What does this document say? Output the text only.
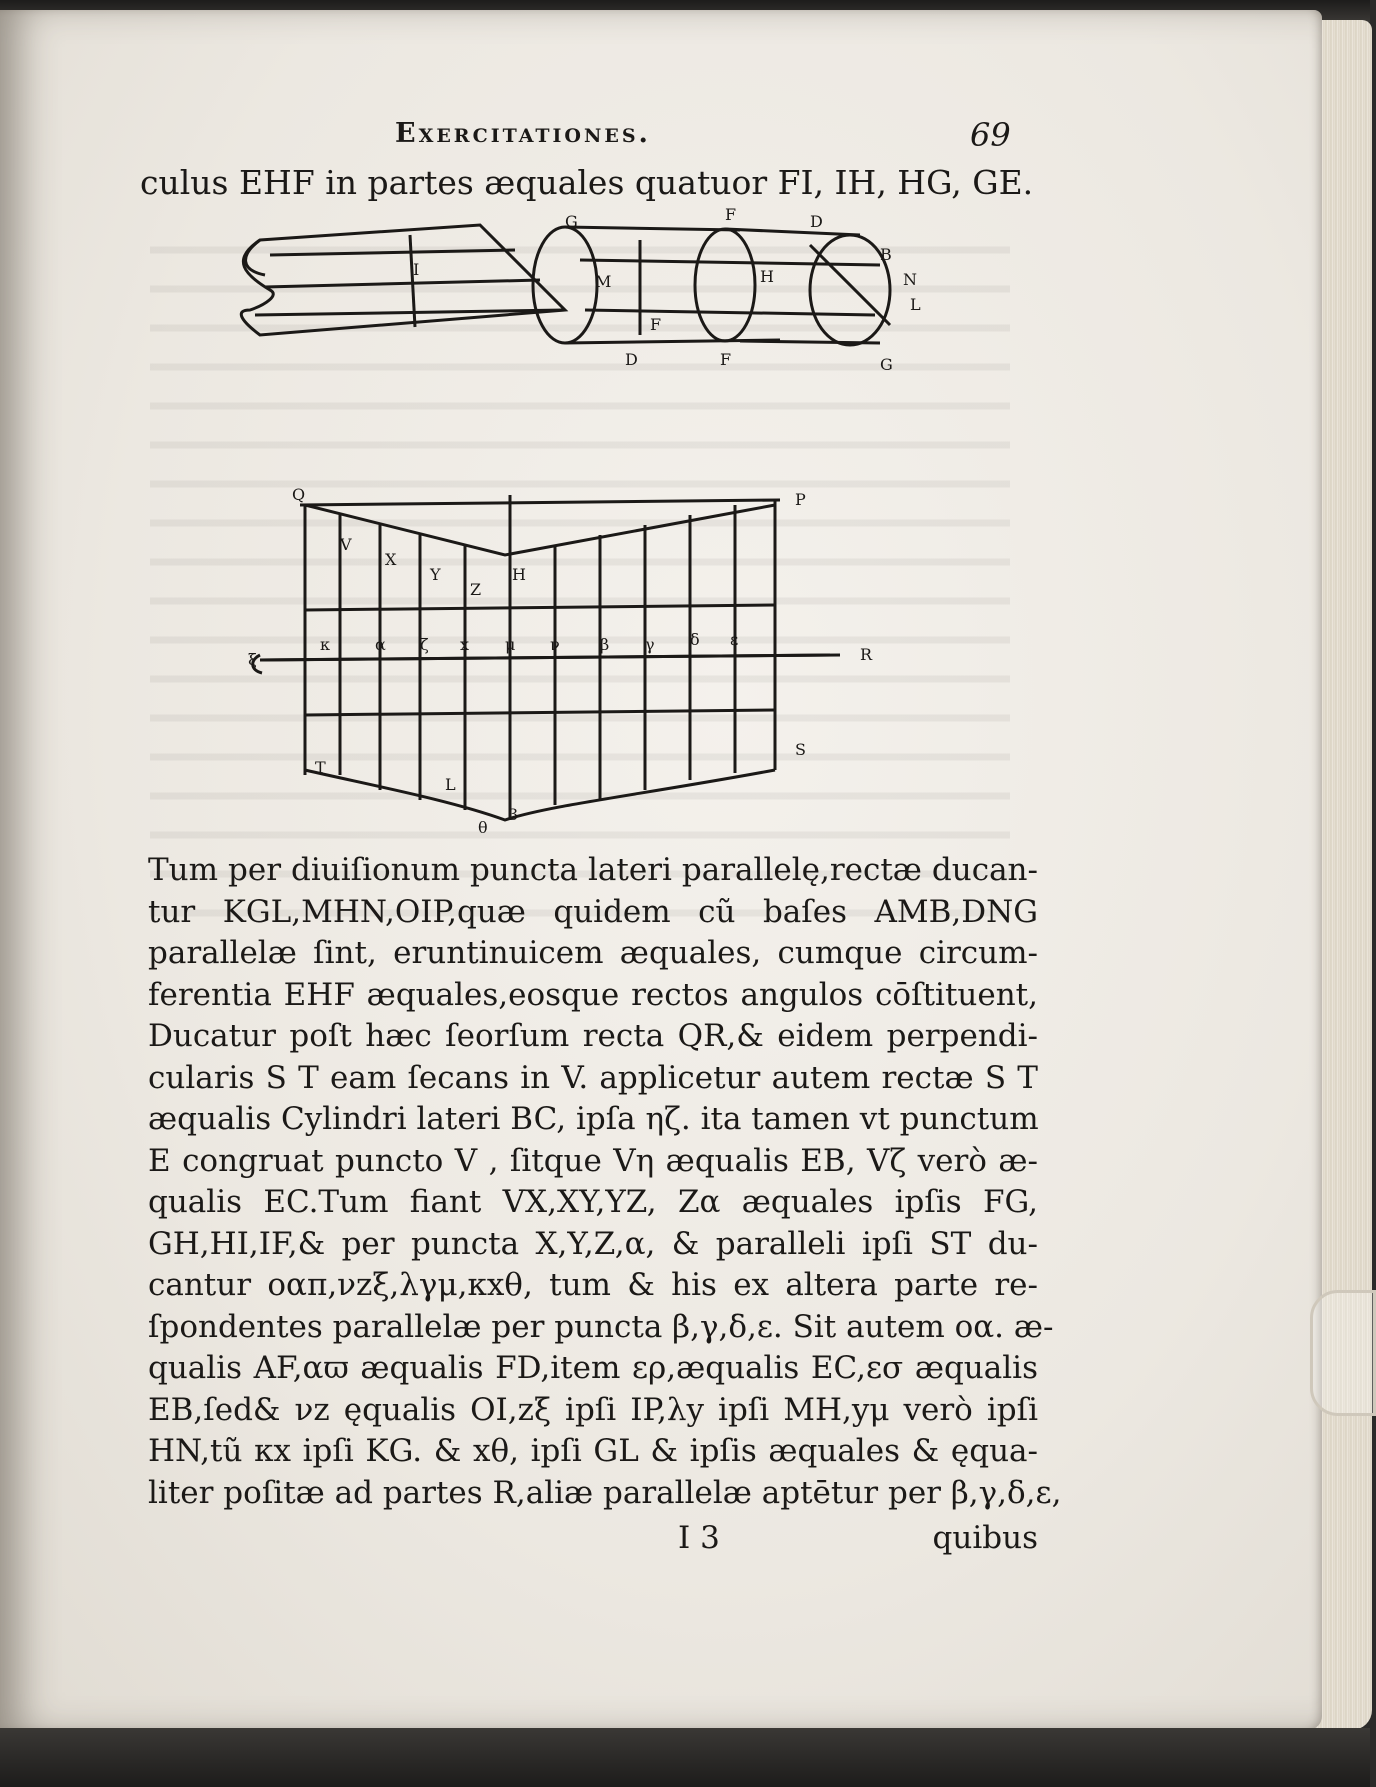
Exercitationes.	69
culus EHF in partes æquales quatuor FI, IH, HG, GE.
I
G
M	H
F
F
D
B
N
L
F
D	G
Q	P
V
X
Y
Z
H
ξ
κ	α ζ x μ ν	β γ δ ε
R
T
S
L
3
θ
Tum per diuiſionum puncta lateri parallelę,rectæ ducan-
tur KGL,MHN,OIP,quæ quidem cũ baſes AMB,DNG
parallelæ ſint, eruntinuicem æquales, cumque circum-
ferentia EHF æquales,eosque rectos angulos cōſtituent,
Ducatur poſt hæc ſeorſum recta QR,& eidem perpendi-
cularis S T eam ſecans in V. applicetur autem rectæ S T
æqualis Cylindri lateri BC, ipſa ηζ. ita tamen vt punctum
E congruat puncto V , ſitque Vη æqualis EB, Vζ verò æ-
qualis EC.Tum fiant VX,XY,YZ, Zα æquales ipſis FG,
GH,HI,IF,& per puncta X,Y,Z,α, & paralleli ipſi ST du-
cantur οαπ,νzξ,λγμ,κxθ, tum & his ex altera parte re-
ſpondentes parallelæ per puncta β,γ,δ,ε. Sit autem οα. æ-
qualis AF,αϖ æqualis FD,item ερ,æqualis EC,εσ æqualis
EB,ſed& νz ęqualis OI,zξ ipſi IP,λy ipſi MH,yμ verò ipſi
HN,tũ κx ipſi KG. & xθ, ipſi GL & ipſis æquales & ęqua-
liter poſitæ ad partes R,aliæ parallelæ aptētur per β,γ,δ,ε,
I 3	quibus
